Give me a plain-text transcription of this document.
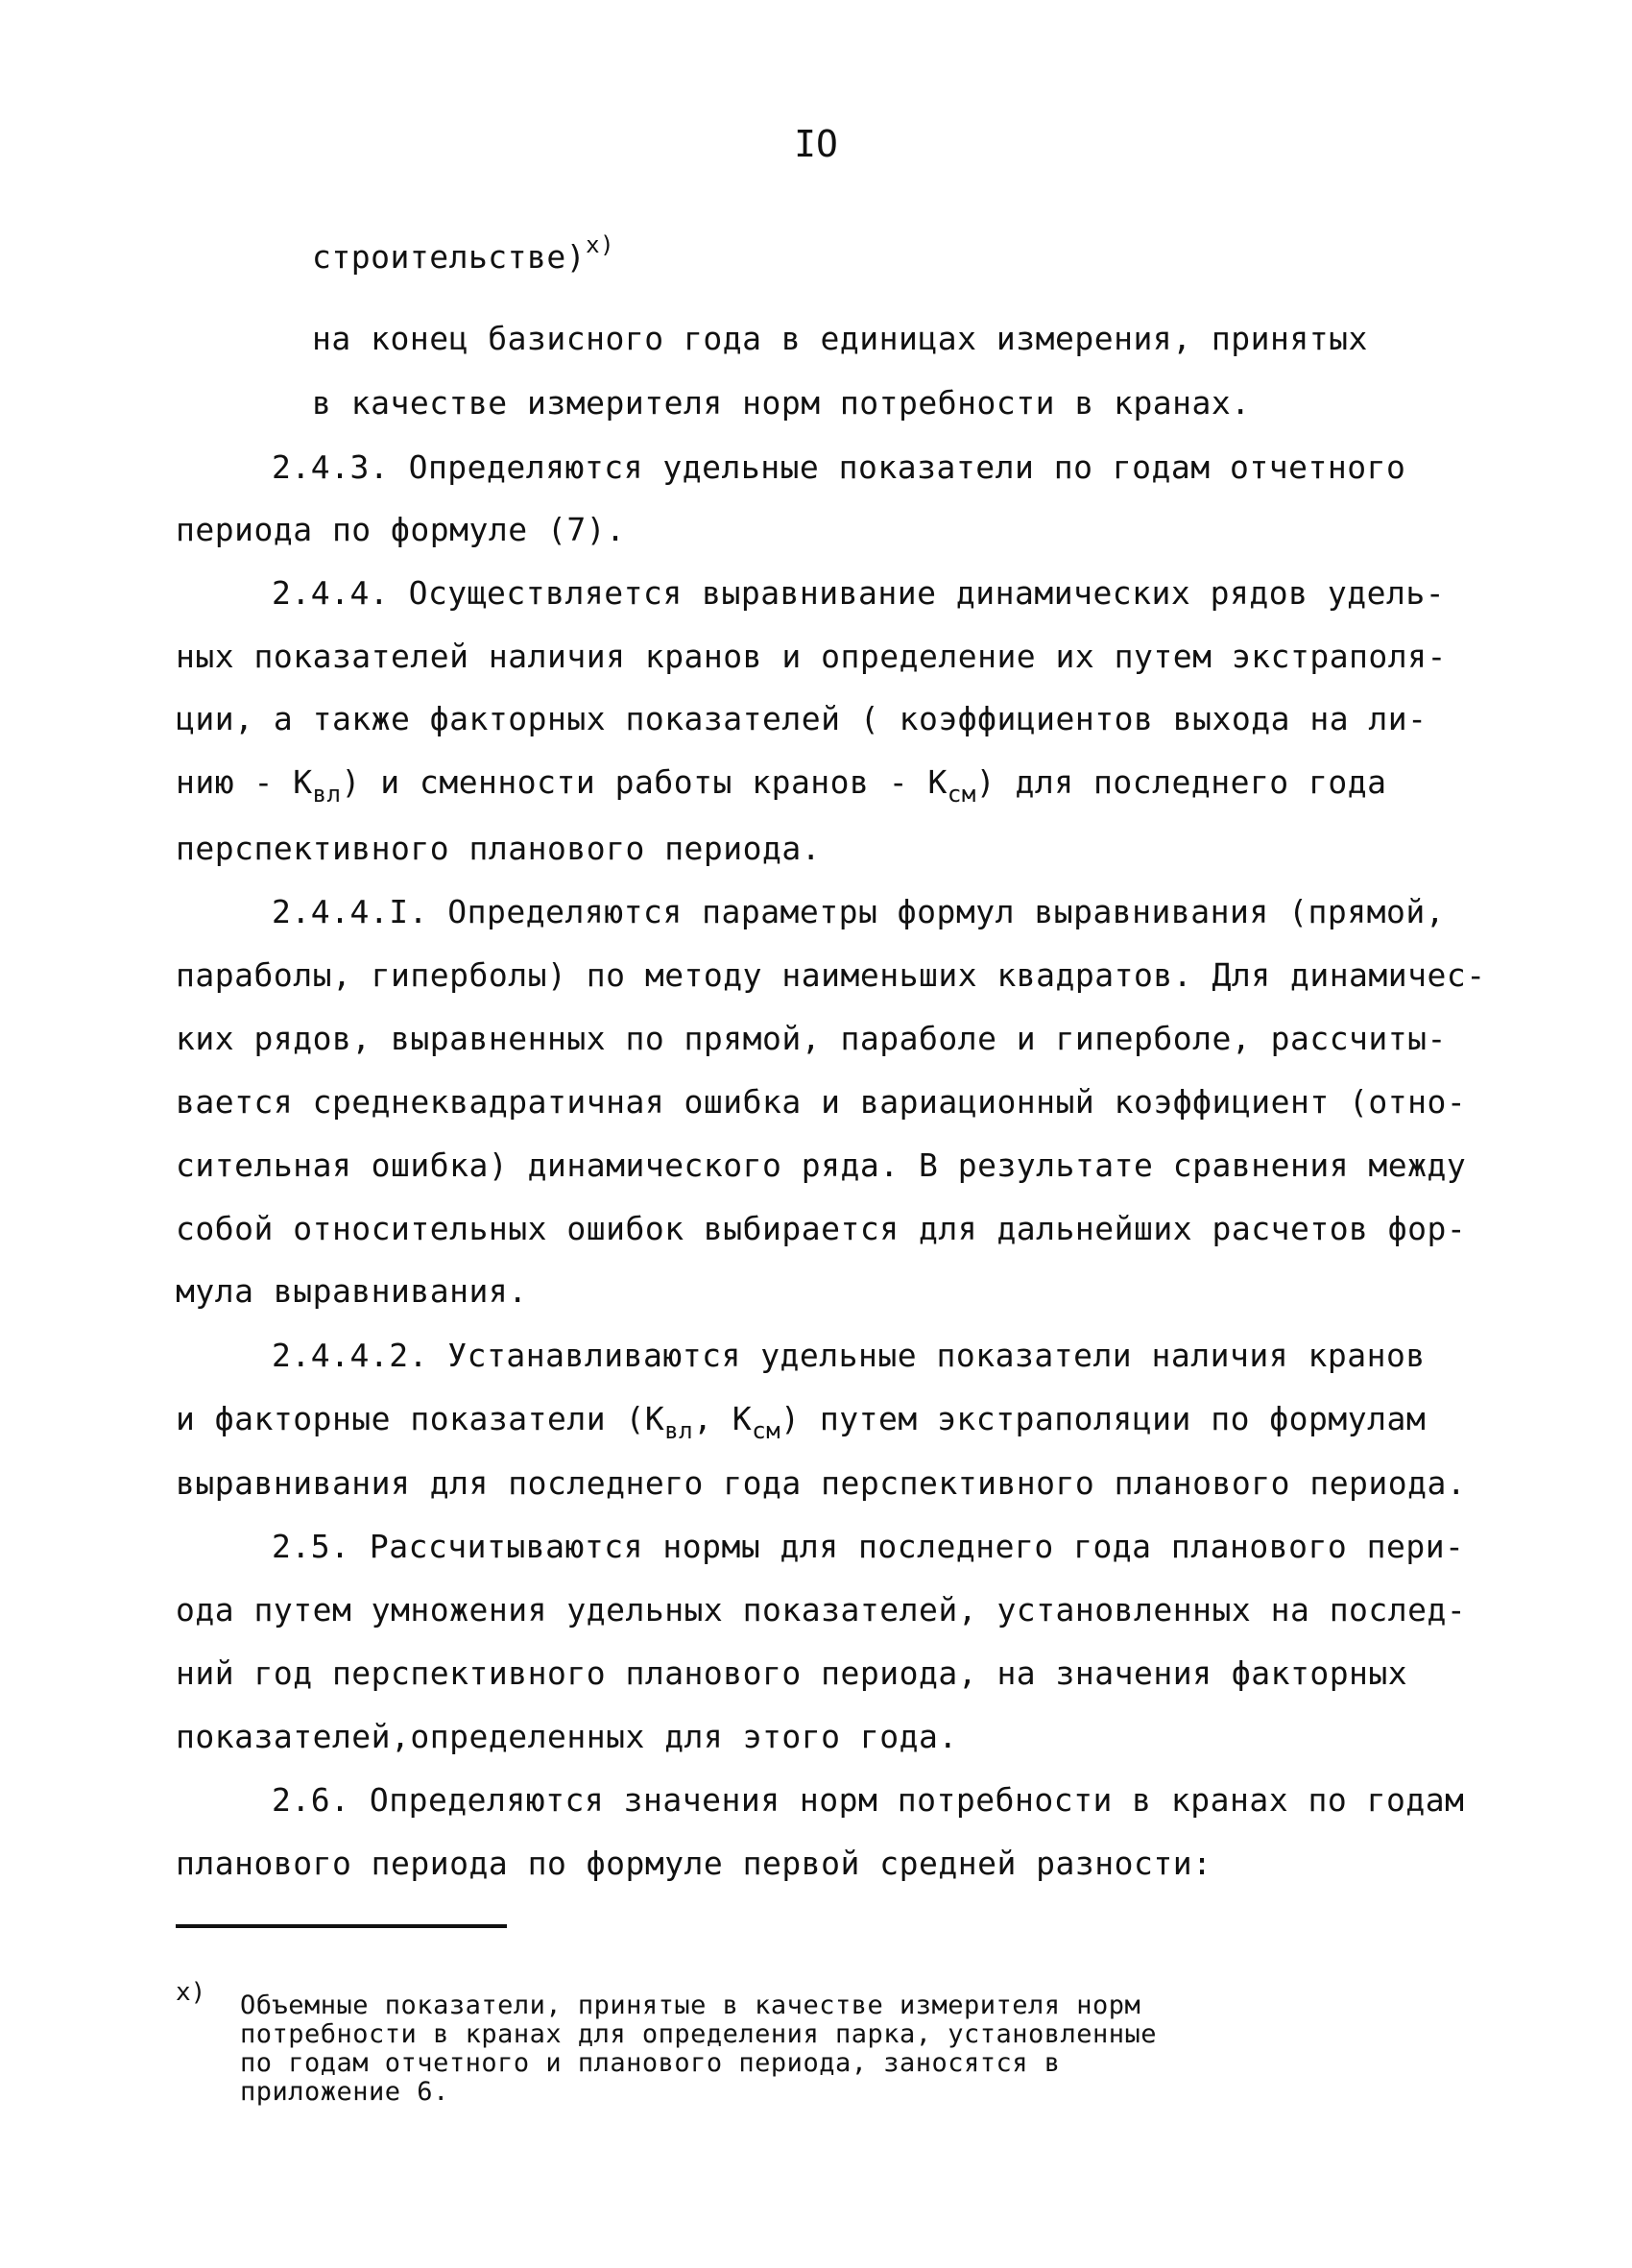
IO
строительстве)$^{x)}$
на конец базисного года в единицах измерения, принятых
в качестве измерителя норм потребности в кранах.
2.4.3. Определяются удельные показатели по годам отчетного
периода по формуле (7).
2.4.4. Осуществляется выравнивание динамических рядов удель-
ных показателей наличия кранов и определение их путем экстраполя-
ции, а также факторных показателей ( коэффициентов выхода на ли-
нию - $К_{вл}$) и сменности работы кранов - $К_{см}$) для последнего года
перспективного планового периода.
2.4.4.I. Определяются параметры формул выравнивания (прямой,
параболы, гиперболы) по методу наименьших квадратов. Для динамичес-
ких рядов, выравненных по прямой, параболе и гиперболе, рассчиты-
вается среднеквадратичная ошибка и вариационный коэффициент (отно-
сительная ошибка) динамического ряда. В результате сравнения между
собой относительных ошибок выбирается для дальнейших расчетов фор-
мула выравнивания.
2.4.4.2. Устанавливаются удельные показатели наличия кранов
и факторные показатели ($К_{вл}$, $К_{см}$) путем экстраполяции по формулам
выравнивания для последнего года перспективного планового периода.
2.5. Рассчитываются нормы для последнего года планового пери-
ода путем умножения удельных показателей, установленных на послед-
ний год перспективного планового периода, на значения факторных
показателей,определенных для этого года.
2.6. Определяются значения норм потребности в кранах по годам
планового периода по формуле первой средней разности:
x) Объемные показатели, принятые в качестве измерителя норм
потребности в кранах для определения парка, установленные
по годам отчетного и планового периода, заносятся в
приложение 6.
